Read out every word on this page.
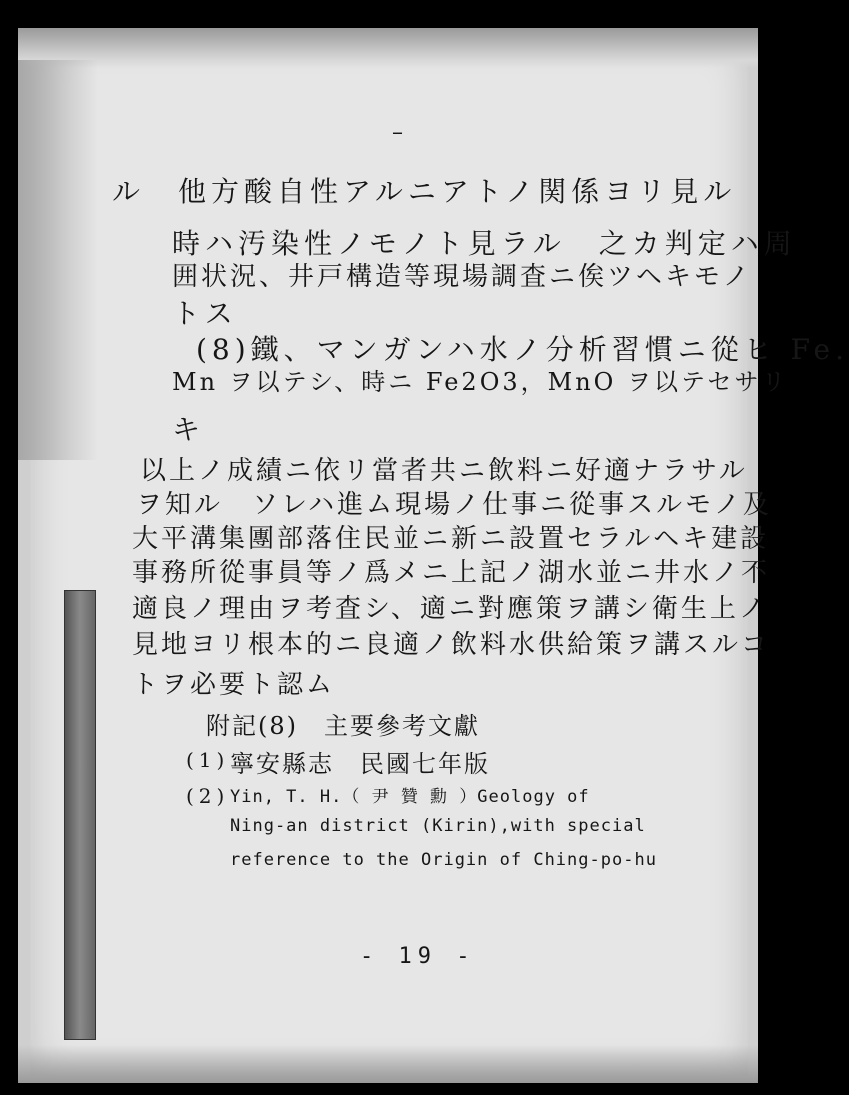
–
ル　他方酸自性アルニアトノ関係ヨリ見ル
時ハ汚染性ノモノト見ラル　之カ判定ハ周
囲状況、井戸構造等現場調査ニ俟ツヘキモノ
トス
(8)鐵、マンガンハ水ノ分析習慣ニ從ヒ Fe.
Mn ヲ以テシ、時ニ Fe2O3，MnO ヲ以テセサリ
キ
以上ノ成績ニ依リ當者共ニ飲料ニ好適ナラサル
ヲ知ル　ソレハ進ム現場ノ仕事ニ從事スルモノ及
大平溝集團部落住民並ニ新ニ設置セラルヘキ建設
事務所從事員等ノ爲メニ上記ノ湖水並ニ井水ノ不
適良ノ理由ヲ考査シ、適ニ對應策ヲ講シ衛生上ノ
見地ヨリ根本的ニ良適ノ飲料水供給策ヲ講スルコ
トヲ必要ト認ム
附記(8)　主要參考文獻
(1) 寧安縣志　民國七年版
(2) Yin, T. H.（ 尹 贊 勳 ）Geology of
Ning-an district (Kirin),with special
reference to the Origin of Ching-po-hu
- 19 -
